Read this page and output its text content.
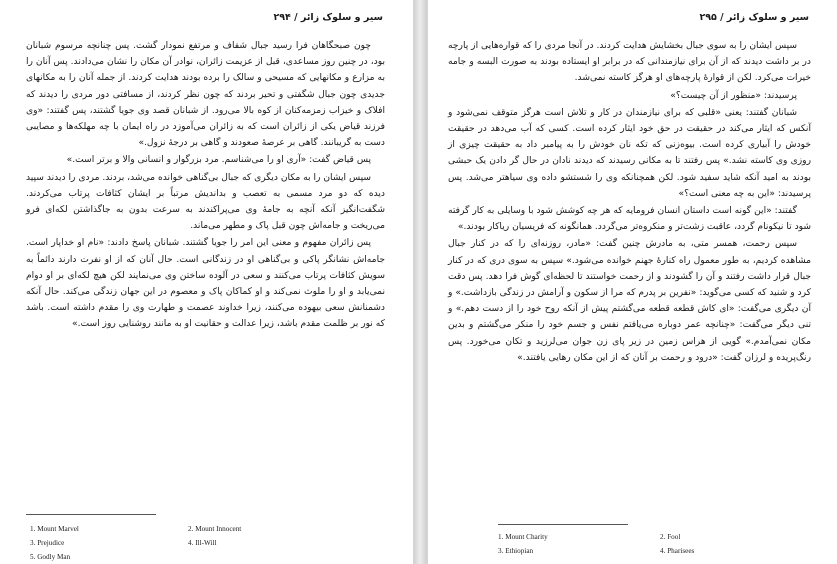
۲۹۴ / سیر و سلوک زائر

چون صبحگاهان فرا رسید جبال شفاف و مرتفع نمودار گشت. پس چنانچه مرسوم شبانان بود، در چنین روز مساعدی، قبل از عزیمت زائران، نوادر آن مکان را نشان می‌دادند. پس آنان را به مزارع و مکانهایی که مسیحی و سالک را برده بودند هدایت کردند. از جمله آنان را به مکانهای جدیدی چون جبال شگفتی و تحیر بردند که چون نظر کردند، از مسافتی دور مردی را دیدند که افلاک و خیزاب زمزمه‌کنان از کوه بالا می‌رود. از شبانان قصد وی جویا گشتند، پس گفتند: «وی فرزند قیاض یکی از زائران است که به زائران می‌آموزد در راه ایمان با چه مهلکه‌ها و مصایبی دست به گریبانند. گاهی بر عرصهٔ صعودند و گاهی بر درجهٔ نزول.»

پس قیاض گفت: «آری او را می‌شناسم. مرد بزرگوار و انسانی والا و برتر است.»

سپس ایشان را به مکان دیگری که جبال بی‌گناهی خوانده می‌شد، بردند. مردی را دیدند سپید دیده که دو مرد مسمی به تعصب و بداندیش مرتباً بر ایشان کثافات پرتاب می‌کردند. شگفت‌انگیز آنکه آنچه به جامهٔ وی می‌پراکندند به سرعت بدون به جاگذاشتن لکه‌ای فرو می‌ریخت و جامه‌اش چون قبل پاک و مطهر می‌ماند.

پس زائران مفهوم و معنی این امر را جویا گشتند. شبانان پاسخ دادند: «نام او خداپار است. جامه‌اش نشانگر پاکی و بی‌گناهی او در زندگانی است. حال آنان که از او نفرت دارند دائماً به سویش کثافات پرتاب می‌کنند و سعی در آلوده ساختن وی می‌نمایند لکن هیچ لکه‌ای بر او دوام نمی‌یابد و او را ملوث نمی‌کند و او کماکان پاک و معصوم در این جهان زندگی می‌کند. حال آنکه دشمنانش سعی بیهوده می‌کنند، زیرا خداوند عصمت و طهارت وی را مقدم داشته است. باشد که نور بر ظلمت مقدم باشد، زیرا عدالت و حقانیت او به مانند روشنایی روز است.»

1. Mount Marvel	2. Mount Innocent
3. Prejudice	4. Ill-Will
5. Godly Man
سیر و سلوک زائر / ۲۹۵

سپس ایشان را به سوی جبال بخشایش هدایت کردند. در آنجا مردی را که قواره‌هایی از پارچه در بر داشت دیدند که از آن برای نیازمندانی که در برابر او ایستاده بودند به صورت البسه و جامه خیرات می‌کرد. لکن از قوارهٔ پارچه‌های او هرگز کاسته نمی‌شد.

پرسیدند: «منظور از آن چیست؟»

شبانان گفتند: یعنی «قلبی که برای نیازمندان در کار و تلاش است هرگز متوقف نمی‌شود و آنکس که ایثار می‌کند در حقیقت در حق خود ایثار کرده است. کسی که آب می‌دهد در حقیقت خودش را آبیاری کرده است. بیوه‌زنی که تکه نان خودش را به پیامبر داد به حقیقت چیزی از روزی وی کاسته نشد.» پس رفتند تا به مکانی رسیدند که دیدند نادان در حال گر دادن یک حبشی بودند به امید آنکه شاید سفید شود. لکن همچنانکه وی را شستشو داده وی سیاهتر می‌شد. پس پرسیدند: «این به چه معنی است؟»

گفتند: «این گونه است داستان انسان فرومایه که هر چه کوشش شود با وسایلی به کار گرفته شود تا نیکونام گردد، عاقبت زشت‌تر و منکروه‌تر می‌گردد. همانگونه که فریسیان ریاکار بودند.»

سپس رحمت، همسر متی، به مادرش چنین گفت: «مادر، روزنه‌ای را که در کنار جبال مشاهده کردیم، به طور معمول راه کنارهٔ جهنم خوانده می‌شود.» سپس به سوی دری که در کنار جبال قرار داشت رفتند و آن را گشودند و از رحمت خواستند تا لحظه‌ای گوش فرا دهد. پس دقت کرد و شنید که کسی می‌گوید: «نفرین بر پدرم که مرا از سکون و آرامش در زندگی بازداشت.» و آن دیگری می‌گفت: «ای کاش قطعه قطعه می‌گشتم پیش از آنکه روح خود را از دست دهم.» و تنی دیگر می‌گفت: «چنانچه عمر دوباره می‌یافتم نفس و جسم خود را منکر می‌گشتم و بدین مکان نمی‌آمدم.» گویی از هراس زمین در زیر پای زن جوان می‌لرزید و تکان می‌خورد. پس رنگ‌پریده و لرزان گفت: «درود و رحمت بر آنان که از این مکان رهایی یافتند.»

1. Mount Charity	2. Fool
3. Ethiopian	4. Pharisees
